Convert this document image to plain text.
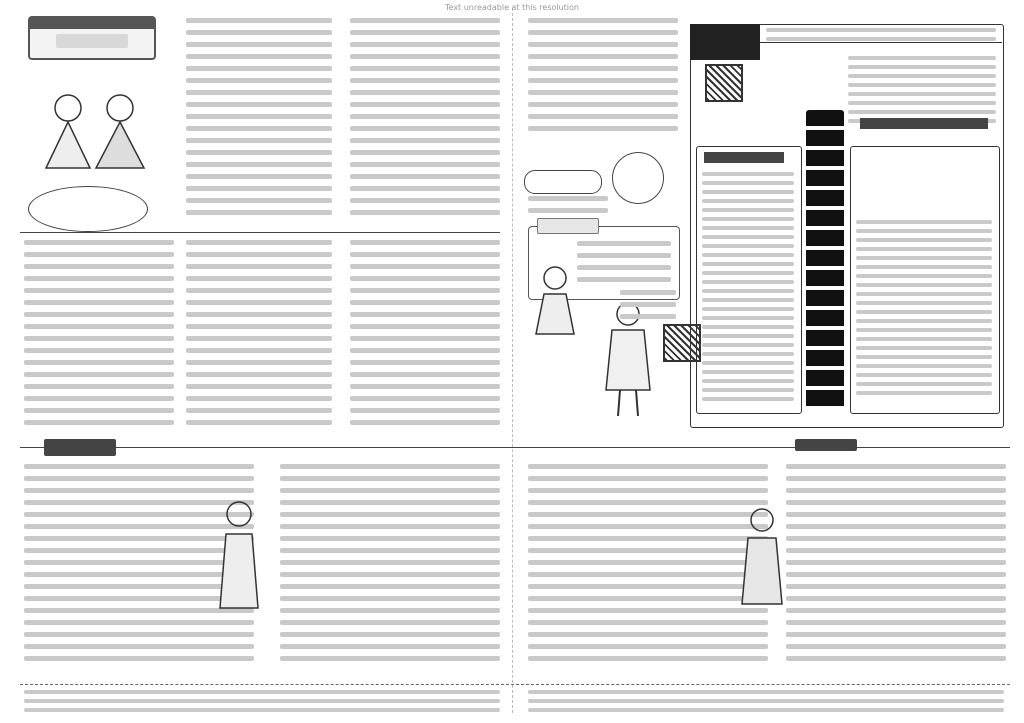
Text unreadable at this resolution
